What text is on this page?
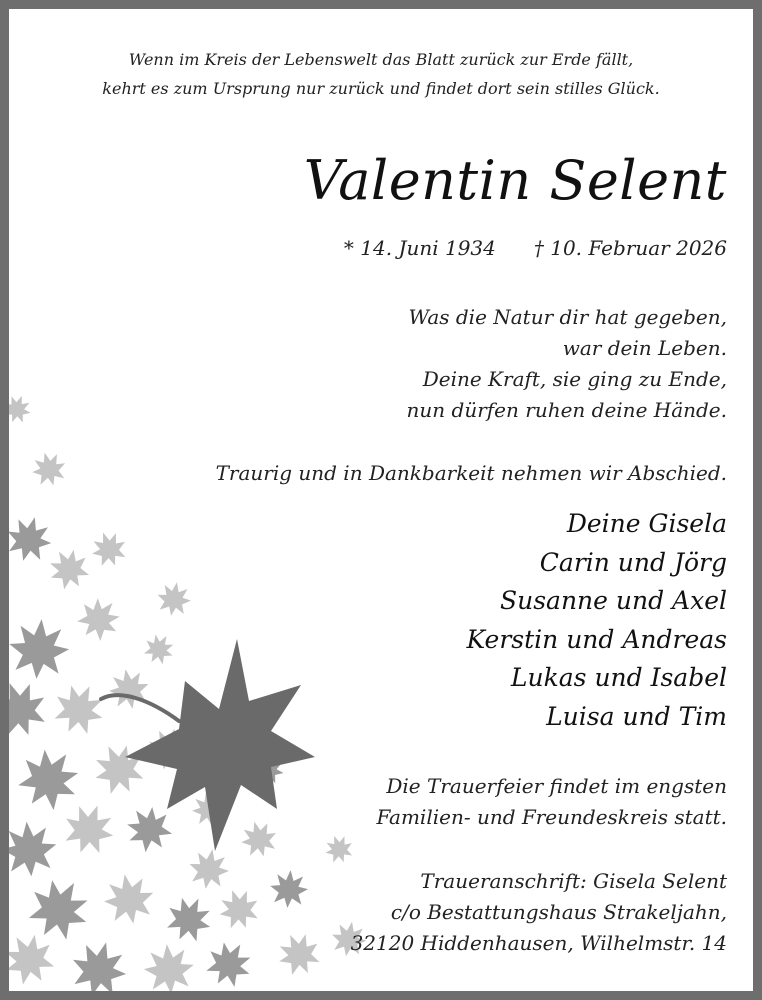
Wenn im Kreis der Lebenswelt das Blatt zurück zur Erde fällt,
kehrt es zum Ursprung nur zurück und findet dort sein stilles Glück.
Valentin Selent
* 14. Juni 1934 † 10. Februar 2026
Was die Natur dir hat gegeben,
war dein Leben.
Deine Kraft, sie ging zu Ende,
nun dürfen ruhen deine Hände.
Traurig und in Dankbarkeit nehmen wir Abschied.
Deine Gisela
Carin und Jörg
Susanne und Axel
Kerstin und Andreas
Lukas und Isabel
Luisa und Tim
Die Trauerfeier findet im engsten
Familien- und Freundeskreis statt.
Traueranschrift: Gisela Selent
c/o Bestattungshaus Strakeljahn,
32120 Hiddenhausen, Wilhelmstr. 14
